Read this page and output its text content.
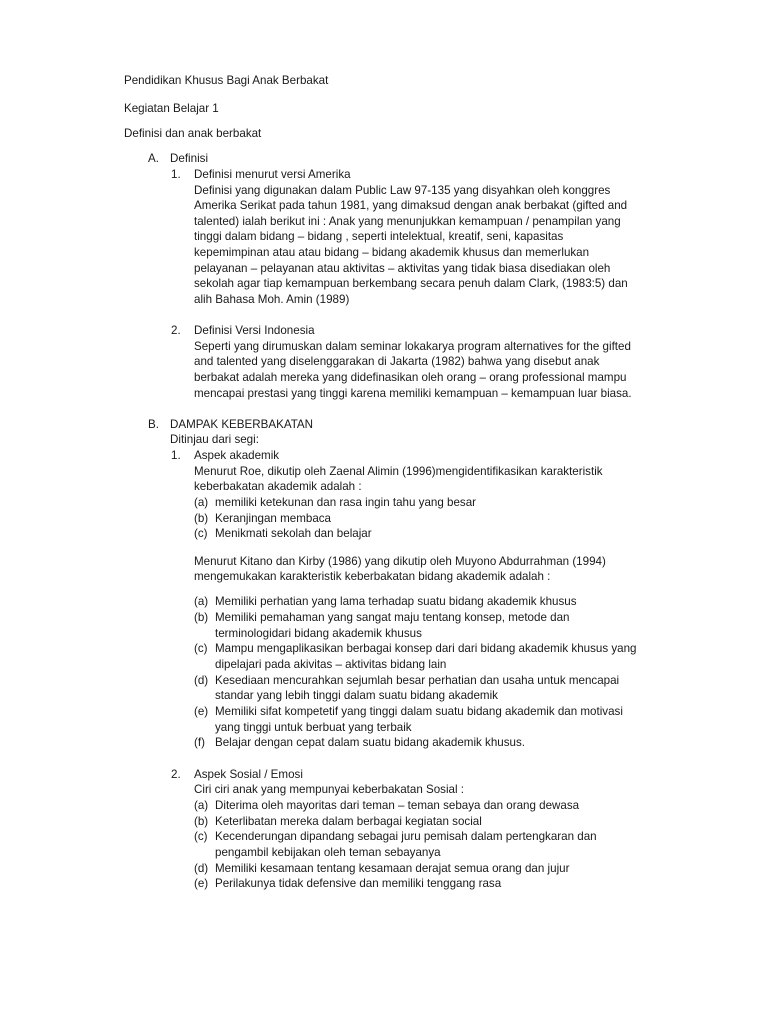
Pendidikan Khusus Bagi Anak Berbakat
Kegiatan Belajar 1
Definisi dan anak berbakat
A. Definisi
1. Definisi menurut versi Amerika
Definisi yang digunakan dalam Public Law 97-135 yang disyahkan oleh konggres
Amerika Serikat pada tahun 1981, yang dimaksud dengan anak berbakat (gifted and
talented) ialah berikut ini : Anak yang menunjukkan kemampuan / penampilan yang
tinggi dalam bidang – bidang , seperti intelektual, kreatif, seni, kapasitas
kepemimpinan atau atau bidang – bidang akademik khusus dan memerlukan
pelayanan – pelayanan atau aktivitas – aktivitas yang tidak biasa disediakan oleh
sekolah agar tiap kemampuan berkembang secara penuh dalam Clark, (1983:5) dan
alih Bahasa Moh. Amin (1989)
2. Definisi Versi Indonesia
Seperti yang dirumuskan dalam seminar lokakarya program alternatives for the gifted
and talented yang diselenggarakan di Jakarta (1982) bahwa yang disebut anak
berbakat adalah mereka yang didefinasikan oleh orang – orang professional mampu
mencapai prestasi yang tinggi karena memiliki kemampuan – kemampuan luar biasa.
B. DAMPAK KEBERBAKATAN
Ditinjau dari segi:
1. Aspek akademik
Menurut Roe, dikutip oleh Zaenal Alimin (1996)mengidentifikasikan karakteristik
keberbakatan akademik adalah :
(a) memiliki ketekunan dan rasa ingin tahu yang besar
(b) Keranjingan membaca
(c) Menikmati sekolah dan belajar
Menurut Kitano dan Kirby (1986) yang dikutip oleh Muyono Abdurrahman (1994)
mengemukakan karakteristik keberbakatan bidang akademik adalah :
(a) Memiliki perhatian yang lama terhadap suatu bidang akademik khusus
(b) Memiliki pemahaman yang sangat maju tentang konsep, metode dan
terminologidari bidang akademik khusus
(c) Mampu mengaplikasikan berbagai konsep dari dari bidang akademik khusus yang
dipelajari pada akivitas – aktivitas bidang lain
(d) Kesediaan mencurahkan sejumlah besar perhatian dan usaha untuk mencapai
standar yang lebih tinggi dalam suatu bidang akademik
(e) Memiliki sifat kompetetif yang tinggi dalam suatu bidang akademik dan motivasi
yang tinggi untuk berbuat yang terbaik
(f) Belajar dengan cepat dalam suatu bidang akademik khusus.
2. Aspek Sosial / Emosi
Ciri ciri anak yang mempunyai keberbakatan Sosial :
(a) Diterima oleh mayoritas dari teman – teman sebaya dan orang dewasa
(b) Keterlibatan mereka dalam berbagai kegiatan social
(c) Kecenderungan dipandang sebagai juru pemisah dalam pertengkaran dan
pengambil kebijakan oleh teman sebayanya
(d) Memiliki kesamaan tentang kesamaan derajat semua orang dan jujur
(e) Perilakunya tidak defensive dan memiliki tenggang rasa
